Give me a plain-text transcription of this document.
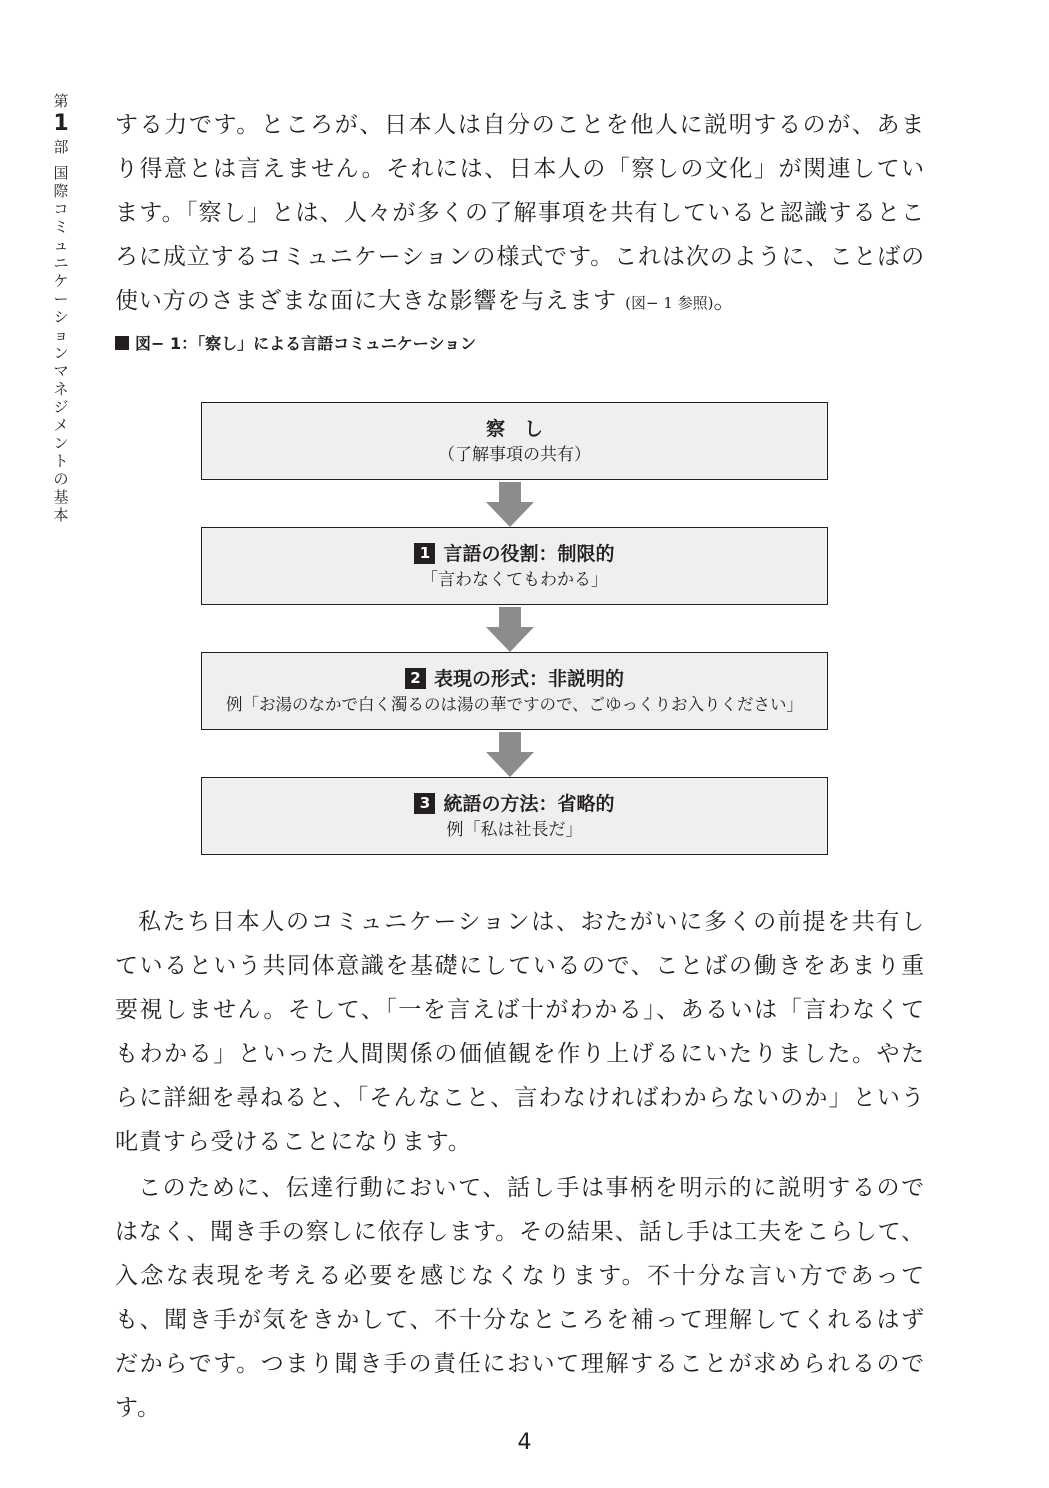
第
1
部
国際コミュニケーションマネジメントの基本

する力です。ところが、日本人は自分のことを他人に説明するのが、あまり得意とは言えません。それには、日本人の「察しの文化」が関連しています。「察し」とは、人々が多くの了解事項を共有していると認識するところに成立するコミュニケーションの様式です。これは次のように、ことばの使い方のさまざまな面に大きな影響を与えます (図− 1 参照)。

図− 1：「察し」による言語コミュニケーション
察　し
（了解事項の共有）
1 言語の役割：制限的
「言わなくてもわかる」
2 表現の形式：非説明的
例「お湯のなかで白く濁るのは湯の華ですので、ごゆっくりお入りください」
3 統語の方法：省略的
例「私は社長だ」

私たち日本人のコミュニケーションは、おたがいに多くの前提を共有しているという共同体意識を基礎にしているので、ことばの働きをあまり重要視しません。そして、「一を言えば十がわかる」、あるいは「言わなくてもわかる」といった人間関係の価値観を作り上げるにいたりました。やたらに詳細を尋ねると、「そんなこと、言わなければわからないのか」という叱責すら受けることになります。

このために、伝達行動において、話し手は事柄を明示的に説明するのではなく、聞き手の察しに依存します。その結果、話し手は工夫をこらして、入念な表現を考える必要を感じなくなります。不十分な言い方であっても、聞き手が気をきかして、不十分なところを補って理解してくれるはずだからです。つまり聞き手の責任において理解することが求められるのです。

4
